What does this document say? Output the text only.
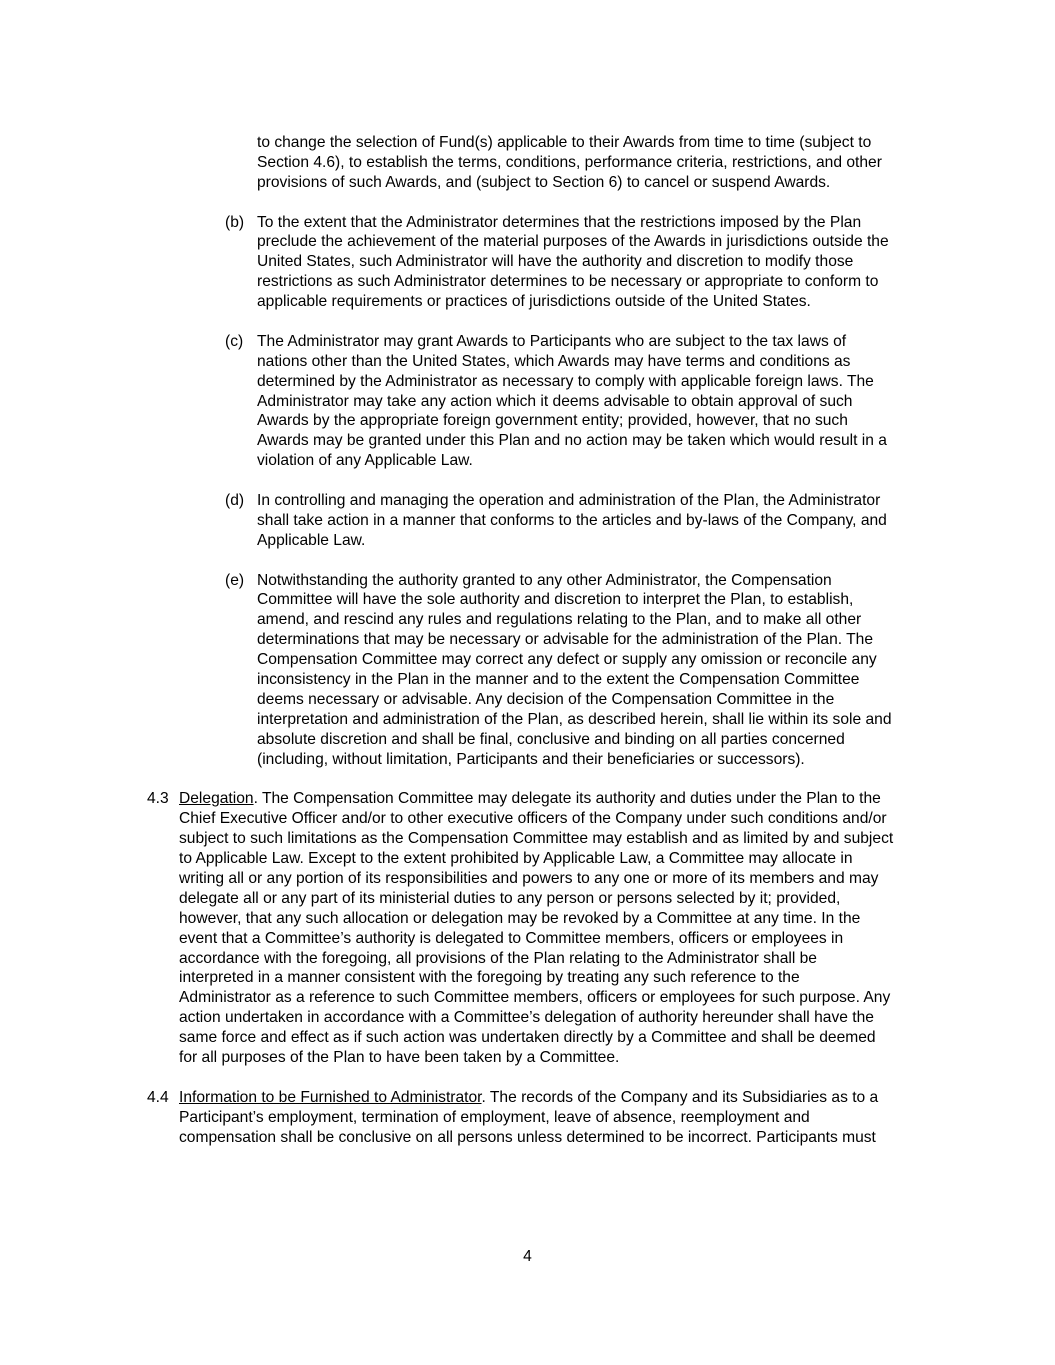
to change the selection of Fund(s) applicable to their Awards from time to time (subject to
Section 4.6), to establish the terms, conditions, performance criteria, restrictions, and other
provisions of such Awards, and (subject to Section 6) to cancel or suspend Awards.
(b) To the extent that the Administrator determines that the restrictions imposed by the Plan
preclude the achievement of the material purposes of the Awards in jurisdictions outside the
United States, such Administrator will have the authority and discretion to modify those
restrictions as such Administrator determines to be necessary or appropriate to conform to
applicable requirements or practices of jurisdictions outside of the United States.
(c) The Administrator may grant Awards to Participants who are subject to the tax laws of
nations other than the United States, which Awards may have terms and conditions as
determined by the Administrator as necessary to comply with applicable foreign laws. The
Administrator may take any action which it deems advisable to obtain approval of such
Awards by the appropriate foreign government entity; provided, however, that no such
Awards may be granted under this Plan and no action may be taken which would result in a
violation of any Applicable Law.
(d) In controlling and managing the operation and administration of the Plan, the Administrator
shall take action in a manner that conforms to the articles and by-laws of the Company, and
Applicable Law.
(e) Notwithstanding the authority granted to any other Administrator, the Compensation
Committee will have the sole authority and discretion to interpret the Plan, to establish,
amend, and rescind any rules and regulations relating to the Plan, and to make all other
determinations that may be necessary or advisable for the administration of the Plan. The
Compensation Committee may correct any defect or supply any omission or reconcile any
inconsistency in the Plan in the manner and to the extent the Compensation Committee
deems necessary or advisable. Any decision of the Compensation Committee in the
interpretation and administration of the Plan, as described herein, shall lie within its sole and
absolute discretion and shall be final, conclusive and binding on all parties concerned
(including, without limitation, Participants and their beneficiaries or successors).
4.3 Delegation. The Compensation Committee may delegate its authority and duties under the Plan to the
Chief Executive Officer and/or to other executive officers of the Company under such conditions and/or
subject to such limitations as the Compensation Committee may establish and as limited by and subject
to Applicable Law. Except to the extent prohibited by Applicable Law, a Committee may allocate in
writing all or any portion of its responsibilities and powers to any one or more of its members and may
delegate all or any part of its ministerial duties to any person or persons selected by it; provided,
however, that any such allocation or delegation may be revoked by a Committee at any time. In the
event that a Committee’s authority is delegated to Committee members, officers or employees in
accordance with the foregoing, all provisions of the Plan relating to the Administrator shall be
interpreted in a manner consistent with the foregoing by treating any such reference to the
Administrator as a reference to such Committee members, officers or employees for such purpose. Any
action undertaken in accordance with a Committee’s delegation of authority hereunder shall have the
same force and effect as if such action was undertaken directly by a Committee and shall be deemed
for all purposes of the Plan to have been taken by a Committee.
4.4 Information to be Furnished to Administrator. The records of the Company and its Subsidiaries as to a
Participant’s employment, termination of employment, leave of absence, reemployment and
compensation shall be conclusive on all persons unless determined to be incorrect. Participants must
4
